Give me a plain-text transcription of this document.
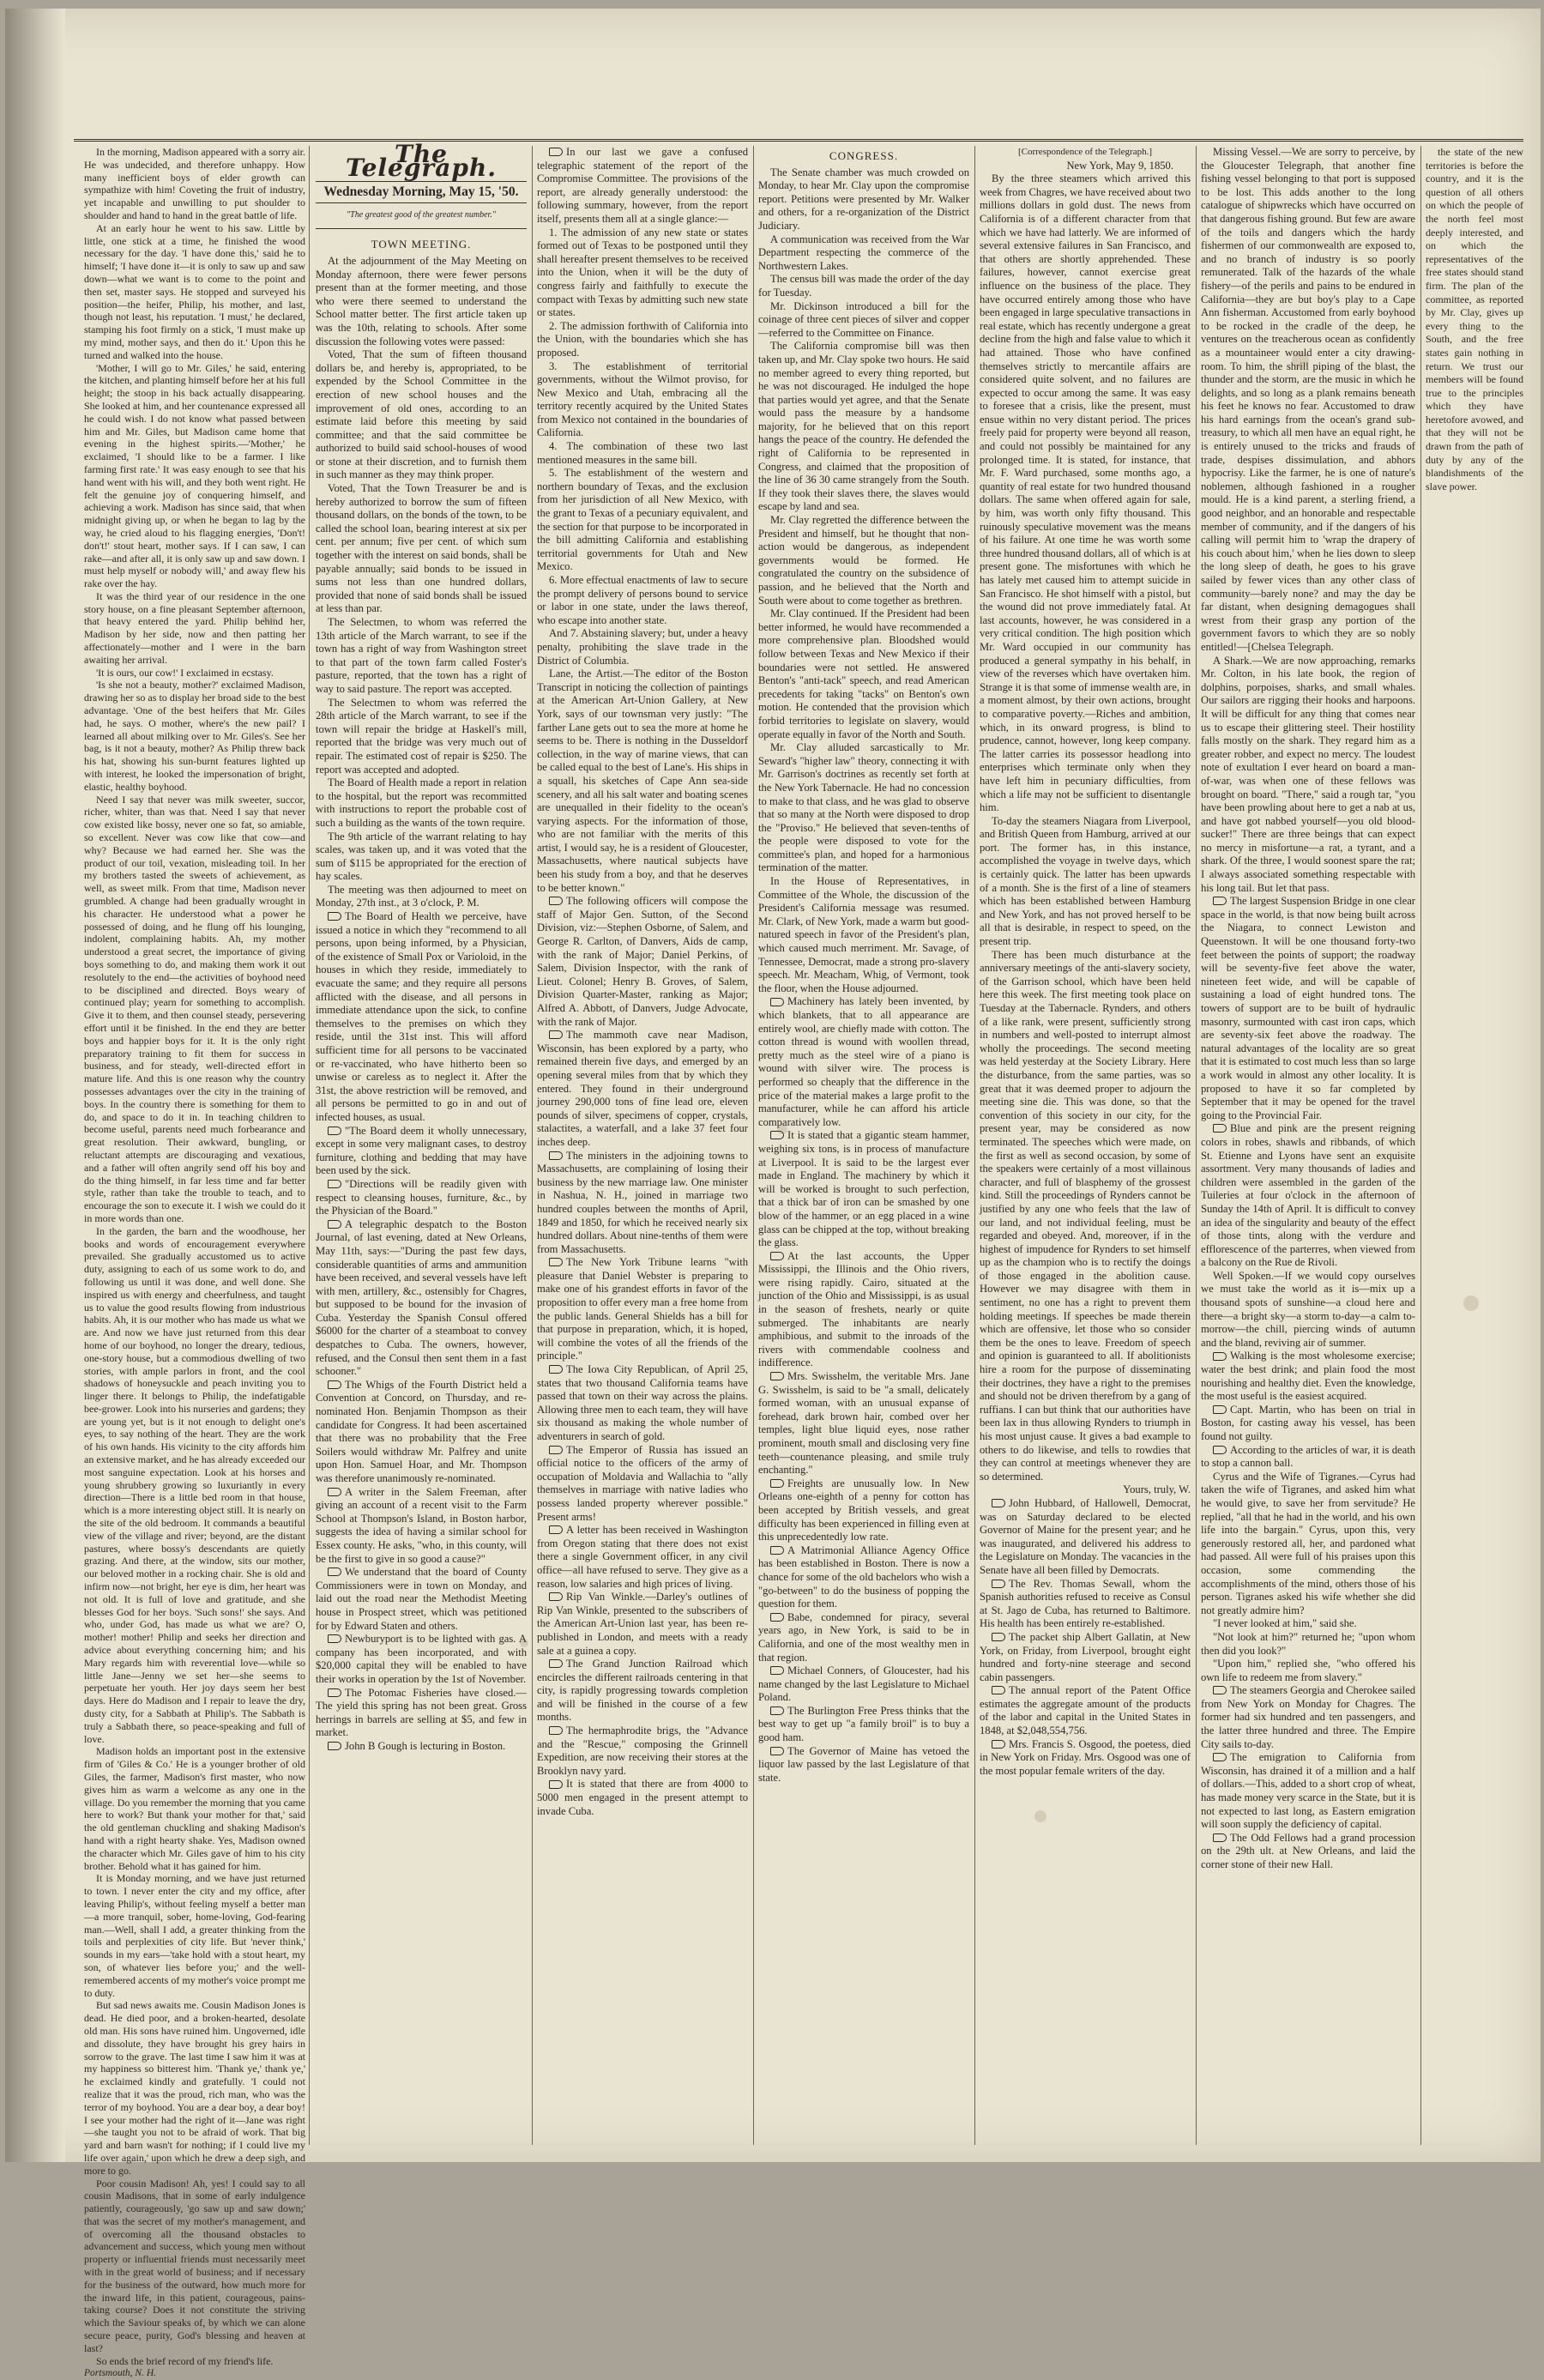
In the morning, Madison appeared with a sorry air. He was undecided, and therefore unhappy. How many inefficient boys of elder growth can sympathize with him! Coveting the fruit of industry, yet incapable and unwilling to put shoulder to shoulder and hand to hand in the great battle of life.

At an early hour he went to his saw. Little by little, one stick at a time, he finished the wood necessary for the day. 'I have done this,' said he to himself; 'I have done it—it is only to saw up and saw down—what we want is to come to the point and then set, master says. He stopped and surveyed his position—the heifer, Philip, his mother, and last, though not least, his reputation. 'I must,' he declared, stamping his foot firmly on a stick, 'I must make up my mind, mother says, and then do it.' Upon this he turned and walked into the house.

'Mother, I will go to Mr. Giles,' he said, entering the kitchen, and planting himself before her at his full height; the stoop in his back actually disappearing. She looked at him, and her countenance expressed all he could wish. I do not know what passed between him and Mr. Giles, but Madison came home that evening in the highest spirits.—'Mother,' he exclaimed, 'I should like to be a farmer. I like farming first rate.' It was easy enough to see that his hand went with his will, and they both went right. He felt the genuine joy of conquering himself, and achieving a work. Madison has since said, that when midnight giving up, or when he began to lag by the way, he cried aloud to his flagging energies, 'Don't! don't!' stout heart, mother says. If I can saw, I can rake—and after all, it is only saw up and saw down. I must help myself or nobody will,' and away flew his rake over the hay.

It was the third year of our residence in the one story house, on a fine pleasant September afternoon, that heavy entered the yard. Philip behind her, Madison by her side, now and then patting her affectionately—mother and I were in the barn awaiting her arrival.

'It is ours, our cow!' I exclaimed in ecstasy.

'Is she not a beauty, mother?' exclaimed Madison, drawing her so as to display her broad side to the best advantage. 'One of the best heifers that Mr. Giles had, he says. O mother, where's the new pail? I learned all about milking over to Mr. Giles's. See her bag, is it not a beauty, mother? As Philip threw back his hat, showing his sun-burnt features lighted up with interest, he looked the impersonation of bright, elastic, healthy boyhood.

Need I say that never was milk sweeter, succor, richer, whiter, than was that. Need I say that never cow existed like bossy, never one so fat, so amiable, so excellent. Never was cow like that cow—and why? Because we had earned her. She was the product of our toil, vexation, misleading toil. In her my brothers tasted the sweets of achievement, as well, as sweet milk. From that time, Madison never grumbled. A change had been gradually wrought in his character. He understood what a power he possessed of doing, and he flung off his lounging, indolent, complaining habits. Ah, my mother understood a great secret, the importance of giving boys something to do, and making them work it out resolutely to the end—the activities of boyhood need to be disciplined and directed. Boys weary of continued play; yearn for something to accomplish. Give it to them, and then counsel steady, persevering effort until it be finished. In the end they are better boys and happier boys for it. It is the only right preparatory training to fit them for success in business, and for steady, well-directed effort in mature life. And this is one reason why the country possesses advantages over the city in the training of boys. In the country there is something for them to do, and space to do it in. In teaching children to become useful, parents need much forbearance and great resolution. Their awkward, bungling, or reluctant attempts are discouraging and vexatious, and a father will often angrily send off his boy and do the thing himself, in far less time and far better style, rather than take the trouble to teach, and to encourage the son to execute it. I wish we could do it in more words than one.

In the garden, the barn and the woodhouse, her books and words of encouragement everywhere prevailed. She gradually accustomed us to active duty, assigning to each of us some work to do, and following us until it was done, and well done. She inspired us with energy and cheerfulness, and taught us to value the good results flowing from industrious habits. Ah, it is our mother who has made us what we are. And now we have just returned from this dear home of our boyhood, no longer the dreary, tedious, one-story house, but a commodious dwelling of two stories, with ample parlors in front, and the cool shadows of honeysuckle and peach inviting you to linger there. It belongs to Philip, the indefatigable bee-grower. Look into his nurseries and gardens; they are young yet, but is it not enough to delight one's eyes, to say nothing of the heart. They are the work of his own hands. His vicinity to the city affords him an extensive market, and he has already exceeded our most sanguine expectation. Look at his horses and young shrubbery growing so luxuriantly in every direction—There is a little bed room in that house, which is a more interesting object still. It is nearly on the site of the old bedroom. It commands a beautiful view of the village and river; beyond, are the distant pastures, where bossy's descendants are quietly grazing. And there, at the window, sits our mother, our beloved mother in a rocking chair. She is old and infirm now—not bright, her eye is dim, her heart was not old. It is full of love and gratitude, and she blesses God for her boys. 'Such sons!' she says. And who, under God, has made us what we are? O, mother! mother! Philip and seeks her direction and advice about everything concerning him; and his Mary regards him with reverential love—while so little Jane—Jenny we set her—she seems to perpetuate her youth. Her joy days seem her best days. Here do Madison and I repair to leave the dry, dusty city, for a Sabbath at Philip's. The Sabbath is truly a Sabbath there, so peace-speaking and full of love.

Madison holds an important post in the extensive firm of 'Giles & Co.' He is a younger brother of old Giles, the farmer, Madison's first master, who now gives him as warm a welcome as any one in the village. Do you remember the morning that you came here to work? But thank your mother for that,' said the old gentleman chuckling and shaking Madison's hand with a right hearty shake. Yes, Madison owned the character which Mr. Giles gave of him to his city brother. Behold what it has gained for him.

It is Monday morning, and we have just returned to town. I never enter the city and my office, after leaving Philip's, without feeling myself a better man—a more tranquil, sober, home-loving, God-fearing man.—Well, shall I add, a greater thinking from the toils and perplexities of city life. But 'never think,' sounds in my ears—'take hold with a stout heart, my son, of whatever lies before you;' and the well-remembered accents of my mother's voice prompt me to duty.

But sad news awaits me. Cousin Madison Jones is dead. He died poor, and a broken-hearted, desolate old man. His sons have ruined him. Ungoverned, idle and dissolute, they have brought his grey hairs in sorrow to the grave. The last time I saw him it was at my happiness so bitterest him. 'Thank ye,' thank ye,' he exclaimed kindly and gratefully. 'I could not realize that it was the proud, rich man, who was the terror of my boyhood. You are a dear boy, a dear boy! I see your mother had the right of it—Jane was right—she taught you not to be afraid of work. That big yard and barn wasn't for nothing; if I could live my life over again,' upon which he drew a deep sigh, and more to go.

Poor cousin Madison! Ah, yes! I could say to all cousin Madisons, that in some of early indulgence patiently, courageously, 'go saw up and saw down;' that was the secret of my mother's management, and of overcoming all the thousand obstacles to advancement and success, which young men without property or influential friends must necessarily meet with in the great world of business; and if necessary for the business of the outward, how much more for the inward life, in this patient, courageous, pains-taking course? Does it not constitute the striving which the Saviour speaks of, by which we can alone secure peace, purity, God's blessing and heaven at last?

So ends the brief record of my friend's life.

Portsmouth, N. H.

The Telegraph.
Wednesday Morning, May 15, '50.
"The greatest good of the greatest number."
TOWN MEETING.

At the adjournment of the May Meeting on Monday afternoon, there were fewer persons present than at the former meeting, and those who were there seemed to understand the School matter better. The first article taken up was the 10th, relating to schools. After some discussion the following votes were passed:

Voted, That the sum of fifteen thousand dollars be, and hereby is, appropriated, to be expended by the School Committee in the erection of new school houses and the improvement of old ones, according to an estimate laid before this meeting by said committee; and that the said committee be authorized to build said school-houses of wood or stone at their discretion, and to furnish them in such manner as they may think proper.

Voted, That the Town Treasurer be and is hereby authorized to borrow the sum of fifteen thousand dollars, on the bonds of the town, to be called the school loan, bearing interest at six per cent. per annum; five per cent. of which sum together with the interest on said bonds, shall be payable annually; said bonds to be issued in sums not less than one hundred dollars, provided that none of said bonds shall be issued at less than par.

The Selectmen, to whom was referred the 13th article of the March warrant, to see if the town has a right of way from Washington street to that part of the town farm called Foster's pasture, reported, that the town has a right of way to said pasture. The report was accepted.

The Selectmen to whom was referred the 28th article of the March warrant, to see if the town will repair the bridge at Haskell's mill, reported that the bridge was very much out of repair. The estimated cost of repair is $250. The report was accepted and adopted.

The Board of Health made a report in relation to the hospital, but the report was recommitted with instructions to report the probable cost of such a building as the wants of the town require.

The 9th article of the warrant relating to hay scales, was taken up, and it was voted that the sum of $115 be appropriated for the erection of hay scales.

The meeting was then adjourned to meet on Monday, 27th inst., at 3 o'clock, P. M.

The Board of Health we perceive, have issued a notice in which they "recommend to all persons, upon being informed, by a Physician, of the existence of Small Pox or Varioloid, in the houses in which they reside, immediately to evacuate the same; and they require all persons afflicted with the disease, and all persons in immediate attendance upon the sick, to confine themselves to the premises on which they reside, until the 31st inst. This will afford sufficient time for all persons to be vaccinated or re-vaccinated, who have hitherto been so unwise or careless as to neglect it. After the 31st, the above restriction will be removed, and all persons be permitted to go in and out of infected houses, as usual.

"The Board deem it wholly unnecessary, except in some very malignant cases, to destroy furniture, clothing and bedding that may have been used by the sick.

"Directions will be readily given with respect to cleansing houses, furniture, &c., by the Physician of the Board."

A telegraphic despatch to the Boston Journal, of last evening, dated at New Orleans, May 11th, says:—"During the past few days, considerable quantities of arms and ammunition have been received, and several vessels have left with men, artillery, &c., ostensibly for Chagres, but supposed to be bound for the invasion of Cuba. Yesterday the Spanish Consul offered $6000 for the charter of a steamboat to convey despatches to Cuba. The owners, however, refused, and the Consul then sent them in a fast schooner."

The Whigs of the Fourth District held a Convention at Concord, on Thursday, and re-nominated Hon. Benjamin Thompson as their candidate for Congress. It had been ascertained that there was no probability that the Free Soilers would withdraw Mr. Palfrey and unite upon Hon. Samuel Hoar, and Mr. Thompson was therefore unanimously re-nominated.

A writer in the Salem Freeman, after giving an account of a recent visit to the Farm School at Thompson's Island, in Boston harbor, suggests the idea of having a similar school for Essex county. He asks, "who, in this county, will be the first to give in so good a cause?"

We understand that the board of County Commissioners were in town on Monday, and laid out the road near the Methodist Meeting house in Prospect street, which was petitioned for by Edward Staten and others.

Newburyport is to be lighted with gas. A company has been incorporated, and with $20,000 capital they will be enabled to have their works in operation by the 1st of November.

The Potomac Fisheries have closed.—The yield this spring has not been great. Gross herrings in barrels are selling at $5, and few in market.

John B Gough is lecturing in Boston.

In our last we gave a confused telegraphic statement of the report of the Compromise Committee. The provisions of the report, are already generally understood: the following summary, however, from the report itself, presents them all at a single glance:—

1. The admission of any new state or states formed out of Texas to be postponed until they shall hereafter present themselves to be received into the Union, when it will be the duty of congress fairly and faithfully to execute the compact with Texas by admitting such new state or states.

2. The admission forthwith of California into the Union, with the boundaries which she has proposed.

3. The establishment of territorial governments, without the Wilmot proviso, for New Mexico and Utah, embracing all the territory recently acquired by the United States from Mexico not contained in the boundaries of California.

4. The combination of these two last mentioned measures in the same bill.

5. The establishment of the western and northern boundary of Texas, and the exclusion from her jurisdiction of all New Mexico, with the grant to Texas of a pecuniary equivalent, and the section for that purpose to be incorporated in the bill admitting California and establishing territorial governments for Utah and New Mexico.

6. More effectual enactments of law to secure the prompt delivery of persons bound to service or labor in one state, under the laws thereof, who escape into another state.

And 7. Abstaining slavery; but, under a heavy penalty, prohibiting the slave trade in the District of Columbia.

Lane, the Artist.—The editor of the Boston Transcript in noticing the collection of paintings at the American Art-Union Gallery, at New York, says of our townsman very justly: "The farther Lane gets out to sea the more at home he seems to be. There is nothing in the Dusseldorf collection, in the way of marine views, that can be called equal to the best of Lane's. His ships in a squall, his sketches of Cape Ann sea-side scenery, and all his salt water and boating scenes are unequalled in their fidelity to the ocean's varying aspects. For the information of those, who are not familiar with the merits of this artist, I would say, he is a resident of Gloucester, Massachusetts, where nautical subjects have been his study from a boy, and that he deserves to be better known."

The following officers will compose the staff of Major Gen. Sutton, of the Second Division, viz:—Stephen Osborne, of Salem, and George R. Carlton, of Danvers, Aids de camp, with the rank of Major; Daniel Perkins, of Salem, Division Inspector, with the rank of Lieut. Colonel; Henry B. Groves, of Salem, Division Quarter-Master, ranking as Major; Alfred A. Abbott, of Danvers, Judge Advocate, with the rank of Major.

The mammoth cave near Madison, Wisconsin, has been explored by a party, who remained therein five days, and emerged by an opening several miles from that by which they entered. They found in their underground journey 290,000 tons of fine lead ore, eleven pounds of silver, specimens of copper, crystals, stalactites, a waterfall, and a lake 37 feet four inches deep.

The ministers in the adjoining towns to Massachusetts, are complaining of losing their business by the new marriage law. One minister in Nashua, N. H., joined in marriage two hundred couples between the months of April, 1849 and 1850, for which he received nearly six hundred dollars. About nine-tenths of them were from Massachusetts.

The New York Tribune learns "with pleasure that Daniel Webster is preparing to make one of his grandest efforts in favor of the proposition to offer every man a free home from the public lands. General Shields has a bill for that purpose in preparation, which, it is hoped, will combine the votes of all the friends of the principle."

The Iowa City Republican, of April 25, states that two thousand California teams have passed that town on their way across the plains. Allowing three men to each team, they will have six thousand as making the whole number of adventurers in search of gold.

The Emperor of Russia has issued an official notice to the officers of the army of occupation of Moldavia and Wallachia to "ally themselves in marriage with native ladies who possess landed property wherever possible." Present arms!

A letter has been received in Washington from Oregon stating that there does not exist there a single Government officer, in any civil office—all have refused to serve. They give as a reason, low salaries and high prices of living.

Rip Van Winkle.—Darley's outlines of Rip Van Winkle, presented to the subscribers of the American Art-Union last year, has been re-published in London, and meets with a ready sale at a guinea a copy.

The Grand Junction Railroad which encircles the different railroads centering in that city, is rapidly progressing towards completion and will be finished in the course of a few months.

The hermaphrodite brigs, the "Advance and the "Rescue," composing the Grinnell Expedition, are now receiving their stores at the Brooklyn navy yard.

It is stated that there are from 4000 to 5000 men engaged in the present attempt to invade Cuba.

CONGRESS.

The Senate chamber was much crowded on Monday, to hear Mr. Clay upon the compromise report. Petitions were presented by Mr. Walker and others, for a re-organization of the District Judiciary.

A communication was received from the War Department respecting the commerce of the Northwestern Lakes.

The census bill was made the order of the day for Tuesday.

Mr. Dickinson introduced a bill for the coinage of three cent pieces of silver and copper—referred to the Committee on Finance.

The California compromise bill was then taken up, and Mr. Clay spoke two hours. He said no member agreed to every thing reported, but he was not discouraged. He indulged the hope that parties would yet agree, and that the Senate would pass the measure by a handsome majority, for he believed that on this report hangs the peace of the country. He defended the right of California to be represented in Congress, and claimed that the proposition of the line of 36 30 came strangely from the South. If they took their slaves there, the slaves would escape by land and sea.

Mr. Clay regretted the difference between the President and himself, but he thought that non-action would be dangerous, as independent governments would be formed. He congratulated the country on the subsidence of passion, and he believed that the North and South were about to come together as brethren.

Mr. Clay continued. If the President had been better informed, he would have recommended a more comprehensive plan. Bloodshed would follow between Texas and New Mexico if their boundaries were not settled. He answered Benton's "anti-tack" speech, and read American precedents for taking "tacks" on Benton's own motion. He contended that the provision which forbid territories to legislate on slavery, would operate equally in favor of the North and South.

Mr. Clay alluded sarcastically to Mr. Seward's "higher law" theory, connecting it with Mr. Garrison's doctrines as recently set forth at the New York Tabernacle. He had no concession to make to that class, and he was glad to observe that so many at the North were disposed to drop the "Proviso." He believed that seven-tenths of the people were disposed to vote for the committee's plan, and hoped for a harmonious termination of the matter.

In the House of Representatives, in Committee of the Whole, the discussion of the President's California message was resumed. Mr. Clark, of New York, made a warm but good-natured speech in favor of the President's plan, which caused much merriment. Mr. Savage, of Tennessee, Democrat, made a strong pro-slavery speech. Mr. Meacham, Whig, of Vermont, took the floor, when the House adjourned.

Machinery has lately been invented, by which blankets, that to all appearance are entirely wool, are chiefly made with cotton. The cotton thread is wound with woollen thread, pretty much as the steel wire of a piano is wound with silver wire. The process is performed so cheaply that the difference in the price of the material makes a large profit to the manufacturer, while he can afford his article comparatively low.

It is stated that a gigantic steam hammer, weighing six tons, is in process of manufacture at Liverpool. It is said to be the largest ever made in England. The machinery by which it will be worked is brought to such perfection, that a thick bar of iron can be smashed by one blow of the hammer, or an egg placed in a wine glass can be chipped at the top, without breaking the glass.

At the last accounts, the Upper Mississippi, the Illinois and the Ohio rivers, were rising rapidly. Cairo, situated at the junction of the Ohio and Mississippi, is as usual in the season of freshets, nearly or quite submerged. The inhabitants are nearly amphibious, and submit to the inroads of the rivers with commendable coolness and indifference.

Mrs. Swisshelm, the veritable Mrs. Jane G. Swisshelm, is said to be "a small, delicately formed woman, with an unusual expanse of forehead, dark brown hair, combed over her temples, light blue liquid eyes, nose rather prominent, mouth small and disclosing very fine teeth—countenance pleasing, and smile truly enchanting."

Freights are unusually low. In New Orleans one-eighth of a penny for cotton has been accepted by British vessels, and great difficulty has been experienced in filling even at this unprecedentedly low rate.

A Matrimonial Alliance Agency Office has been established in Boston. There is now a chance for some of the old bachelors who wish a "go-between" to do the business of popping the question for them.

Babe, condemned for piracy, several years ago, in New York, is said to be in California, and one of the most wealthy men in that region.

Michael Conners, of Gloucester, had his name changed by the last Legislature to Michael Poland.

The Burlington Free Press thinks that the best way to get up "a family broil" is to buy a good ham.

The Governor of Maine has vetoed the liquor law passed by the last Legislature of that state.

[Correspondence of the Telegraph.]

New York, May 9, 1850.

By the three steamers which arrived this week from Chagres, we have received about two millions dollars in gold dust. The news from California is of a different character from that which we have had latterly. We are informed of several extensive failures in San Francisco, and that others are shortly apprehended. These failures, however, cannot exercise great influence on the business of the place. They have occurred entirely among those who have been engaged in large speculative transactions in real estate, which has recently undergone a great decline from the high and false value to which it had attained. Those who have confined themselves strictly to mercantile affairs are considered quite solvent, and no failures are expected to occur among the same. It was easy to foresee that a crisis, like the present, must ensue within no very distant period. The prices freely paid for property were beyond all reason, and could not possibly be maintained for any prolonged time. It is stated, for instance, that Mr. F. Ward purchased, some months ago, a quantity of real estate for two hundred thousand dollars. The same when offered again for sale, by him, was worth only fifty thousand. This ruinously speculative movement was the means of his failure. At one time he was worth some three hundred thousand dollars, all of which is at present gone. The misfortunes with which he has lately met caused him to attempt suicide in San Francisco. He shot himself with a pistol, but the wound did not prove immediately fatal. At last accounts, however, he was considered in a very critical condition. The high position which Mr. Ward occupied in our community has produced a general sympathy in his behalf, in view of the reverses which have overtaken him. Strange it is that some of immense wealth are, in a moment almost, by their own actions, brought to comparative poverty.—Riches and ambition, which, in its onward progress, is blind to prudence, cannot, however, long keep company. The latter carries its possessor headlong into enterprises which terminate only when they have left him in pecuniary difficulties, from which a life may not be sufficient to disentangle him.

To-day the steamers Niagara from Liverpool, and British Queen from Hamburg, arrived at our port. The former has, in this instance, accomplished the voyage in twelve days, which is certainly quick. The latter has been upwards of a month. She is the first of a line of steamers which has been established between Hamburg and New York, and has not proved herself to be all that is desirable, in respect to speed, on the present trip.

There has been much disturbance at the anniversary meetings of the anti-slavery society, of the Garrison school, which have been held here this week. The first meeting took place on Tuesday at the Tabernacle. Rynders, and others of a like rank, were present, sufficiently strong in numbers and well-posted to interrupt almost wholly the proceedings. The second meeting was held yesterday at the Society Library. Here the disturbance, from the same parties, was so great that it was deemed proper to adjourn the meeting sine die. This was done, so that the convention of this society in our city, for the present year, may be considered as now terminated. The speeches which were made, on the first as well as second occasion, by some of the speakers were certainly of a most villainous character, and full of blasphemy of the grossest kind. Still the proceedings of Rynders cannot be justified by any one who feels that the law of our land, and not individual feeling, must be regarded and obeyed. And, moreover, if in the highest of impudence for Rynders to set himself up as the champion who is to rectify the doings of those engaged in the abolition cause. However we may disagree with them in sentiment, no one has a right to prevent them holding meetings. If speeches be made therein which are offensive, let those who so consider them be the ones to leave. Freedom of speech and opinion is guaranteed to all. If abolitionists hire a room for the purpose of disseminating their doctrines, they have a right to the premises and should not be driven therefrom by a gang of ruffians. I can but think that our authorities have been lax in thus allowing Rynders to triumph in his most unjust cause. It gives a bad example to others to do likewise, and tells to rowdies that they can control at meetings whenever they are so determined.

Yours, truly, W.

John Hubbard, of Hallowell, Democrat, was on Saturday declared to be elected Governor of Maine for the present year; and he was inaugurated, and delivered his address to the Legislature on Monday. The vacancies in the Senate have all been filled by Democrats.

The Rev. Thomas Sewall, whom the Spanish authorities refused to receive as Consul at St. Jago de Cuba, has returned to Baltimore. His health has been entirely re-established.

The packet ship Albert Gallatin, at New York, on Friday, from Liverpool, brought eight hundred and forty-nine steerage and second cabin passengers.

The annual report of the Patent Office estimates the aggregate amount of the products of the labor and capital in the United States in 1848, at $2,048,554,756.

Mrs. Francis S. Osgood, the poetess, died in New York on Friday. Mrs. Osgood was one of the most popular female writers of the day.

Missing Vessel.—We are sorry to perceive, by the Gloucester Telegraph, that another fine fishing vessel belonging to that port is supposed to be lost. This adds another to the long catalogue of shipwrecks which have occurred on that dangerous fishing ground. But few are aware of the toils and dangers which the hardy fishermen of our commonwealth are exposed to, and no branch of industry is so poorly remunerated. Talk of the hazards of the whale fishery—of the perils and pains to be endured in California—they are but boy's play to a Cape Ann fisherman. Accustomed from early boyhood to be rocked in the cradle of the deep, he ventures on the treacherous ocean as confidently as a mountaineer would enter a city drawing-room. To him, the shrill piping of the blast, the thunder and the storm, are the music in which he delights, and so long as a plank remains beneath his feet he knows no fear. Accustomed to draw his hard earnings from the ocean's grand sub-treasury, to which all men have an equal right, he is entirely unused to the tricks and frauds of trade, despises dissimulation, and abhors hypocrisy. Like the farmer, he is one of nature's noblemen, although fashioned in a rougher mould. He is a kind parent, a sterling friend, a good neighbor, and an honorable and respectable member of community, and if the dangers of his calling will permit him to 'wrap the drapery of his couch about him,' when he lies down to sleep the long sleep of death, he goes to his grave sailed by fewer vices than any other class of community—barely none? and may the day be far distant, when designing demagogues shall wrest from their grasp any portion of the government favors to which they are so nobly entitled!—[Chelsea Telegraph.

A Shark.—We are now approaching, remarks Mr. Colton, in his late book, the region of dolphins, porpoises, sharks, and small whales. Our sailors are rigging their hooks and harpoons. It will be difficult for any thing that comes near us to escape their glittering steel. Their hostility falls mostly on the shark. They regard him as a greater robber, and expect no mercy. The loudest note of exultation I ever heard on board a man-of-war, was when one of these fellows was brought on board. "There," said a rough tar, "you have been prowling about here to get a nab at us, and have got nabbed yourself—you old blood-sucker!" There are three beings that can expect no mercy in misfortune—a rat, a tyrant, and a shark. Of the three, I would soonest spare the rat; I always associated something respectable with his long tail. But let that pass.

The largest Suspension Bridge in one clear space in the world, is that now being built across the Niagara, to connect Lewiston and Queenstown. It will be one thousand forty-two feet between the points of support; the roadway will be seventy-five feet above the water, nineteen feet wide, and will be capable of sustaining a load of eight hundred tons. The towers of support are to be built of hydraulic masonry, surmounted with cast iron caps, which are seventy-six feet above the roadway. The natural advantages of the locality are so great that it is estimated to cost much less than so large a work would in almost any other locality. It is proposed to have it so far completed by September that it may be opened for the travel going to the Provincial Fair.

Blue and pink are the present reigning colors in robes, shawls and ribbands, of which St. Etienne and Lyons have sent an exquisite assortment. Very many thousands of ladies and children were assembled in the garden of the Tuileries at four o'clock in the afternoon of Sunday the 14th of April. It is difficult to convey an idea of the singularity and beauty of the effect of those tints, along with the verdure and efflorescence of the parterres, when viewed from a balcony on the Rue de Rivoli.

Well Spoken.—If we would copy ourselves we must take the world as it is—mix up a thousand spots of sunshine—a cloud here and there—a bright sky—a storm to-day—a calm to-morrow—the chill, piercing winds of autumn and the bland, reviving air of summer.

Walking is the most wholesome exercise; water the best drink; and plain food the most nourishing and healthy diet. Even the knowledge, the most useful is the easiest acquired.

Capt. Martin, who has been on trial in Boston, for casting away his vessel, has been found not guilty.

According to the articles of war, it is death to stop a cannon ball.

Cyrus and the Wife of Tigranes.—Cyrus had taken the wife of Tigranes, and asked him what he would give, to save her from servitude? He replied, "all that he had in the world, and his own life into the bargain." Cyrus, upon this, very generously restored all, her, and pardoned what had passed. All were full of his praises upon this occasion, some commending the accomplishments of the mind, others those of his person. Tigranes asked his wife whether she did not greatly admire him?

"I never looked at him," said she.

"Not look at him?" returned he; "upon whom then did you look?"

"Upon him," replied she, "who offered his own life to redeem me from slavery."

The steamers Georgia and Cherokee sailed from New York on Monday for Chagres. The former had six hundred and ten passengers, and the latter three hundred and three. The Empire City sails to-day.

The emigration to California from Wisconsin, has drained it of a million and a half of dollars.—This, added to a short crop of wheat, has made money very scarce in the State, but it is not expected to last long, as Eastern emigration will soon supply the deficiency of capital.

The Odd Fellows had a grand procession on the 29th ult. at New Orleans, and laid the corner stone of their new Hall.

the state of the new territories is before the country, and it is the question of all others on which the people of the north feel most deeply interested, and on which the representatives of the free states should stand firm. The plan of the committee, as reported by Mr. Clay, gives up every thing to the South, and the free states gain nothing in return. We trust our members will be found true to the principles which they have heretofore avowed, and that they will not be drawn from the path of duty by any of the blandishments of the slave power.
